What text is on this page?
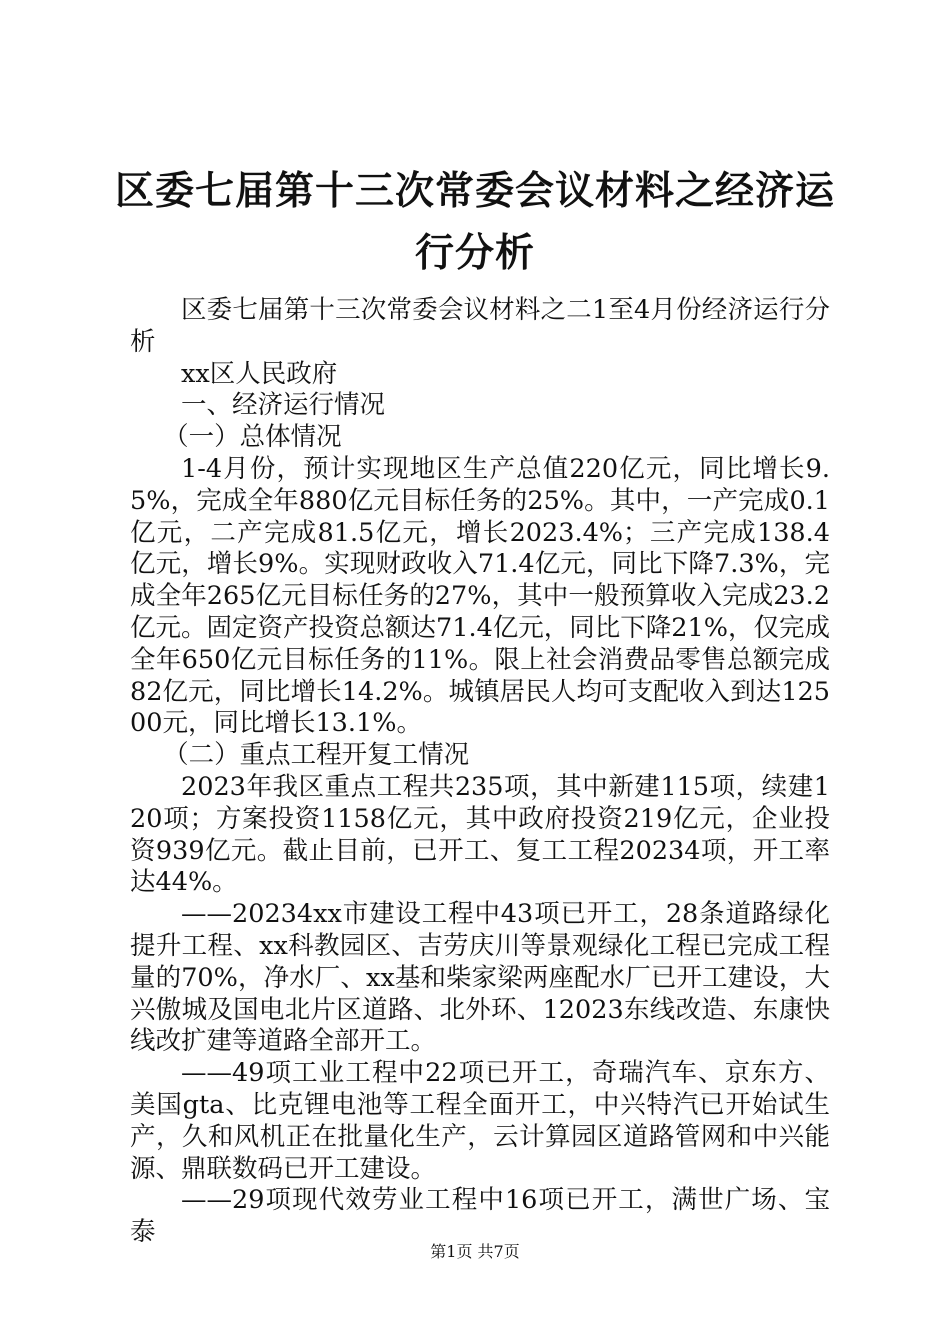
区委七届第十三次常委会议材料之经济运行分析

区委七届第十三次常委会议材料之二1至4月份经济运行分析

xx区人民政府

一、经济运行情况

（一）总体情况

1-4月份，预计实现地区生产总值220亿元，同比增长9.5%，完成全年880亿元目标任务的25%。其中，一产完成0.1亿元，二产完成81.5亿元，增长2023.4%；三产完成138.4亿元，增长9%。实现财政收入71.4亿元，同比下降7.3%，完成全年265亿元目标任务的27%，其中一般预算收入完成23.2亿元。固定资产投资总额达71.4亿元，同比下降21%，仅完成全年650亿元目标任务的11%。限上社会消费品零售总额完成82亿元，同比增长14.2%。城镇居民人均可支配收入到达12500元，同比增长13.1%。

（二）重点工程开复工情况

2023年我区重点工程共235项，其中新建115项，续建120项；方案投资1158亿元，其中政府投资219亿元，企业投资939亿元。截止目前，已开工、复工工程20234项，开工率达44%。

——20234xx市建设工程中43项已开工，28条道路绿化提升工程、xx科教园区、吉劳庆川等景观绿化工程已完成工程量的70%，净水厂、xx基和柴家梁两座配水厂已开工建设，大兴傲城及国电北片区道路、北外环、12023东线改造、东康快线改扩建等道路全部开工。

——49项工业工程中22项已开工，奇瑞汽车、京东方、美国gta、比克锂电池等工程全面开工，中兴特汽已开始试生产，久和风机正在批量化生产，云计算园区道路管网和中兴能源、鼎联数码已开工建设。

——29项现代效劳业工程中16项已开工，满世广场、宝泰

第1页 共7页
